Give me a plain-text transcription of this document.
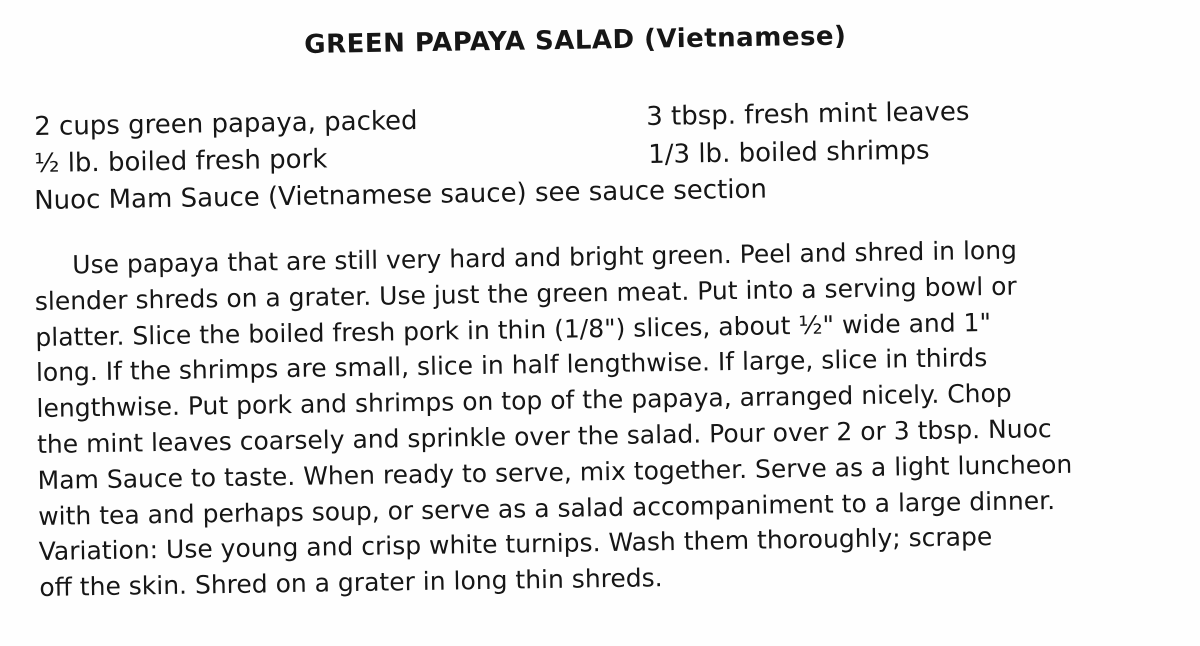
GREEN PAPAYA SALAD (Vietnamese)
2 cups green papaya, packed
½ lb. boiled fresh pork
Nuoc Mam Sauce (Vietnamese sauce) see sauce section
3 tbsp. fresh mint leaves
1/3 lb. boiled shrimps
Use papaya that are still very hard and bright green. Peel and shred in long
slender shreds on a grater. Use just the green meat. Put into a serving bowl or
platter. Slice the boiled fresh pork in thin (1/8") slices, about ½" wide and 1"
long. If the shrimps are small, slice in half lengthwise. If large, slice in thirds
lengthwise. Put pork and shrimps on top of the papaya, arranged nicely. Chop
the mint leaves coarsely and sprinkle over the salad. Pour over 2 or 3 tbsp. Nuoc
Mam Sauce to taste. When ready to serve, mix together. Serve as a light luncheon
with tea and perhaps soup, or serve as a salad accompaniment to a large dinner.
Variation: Use young and crisp white turnips. Wash them thoroughly; scrape
off the skin. Shred on a grater in long thin shreds.
